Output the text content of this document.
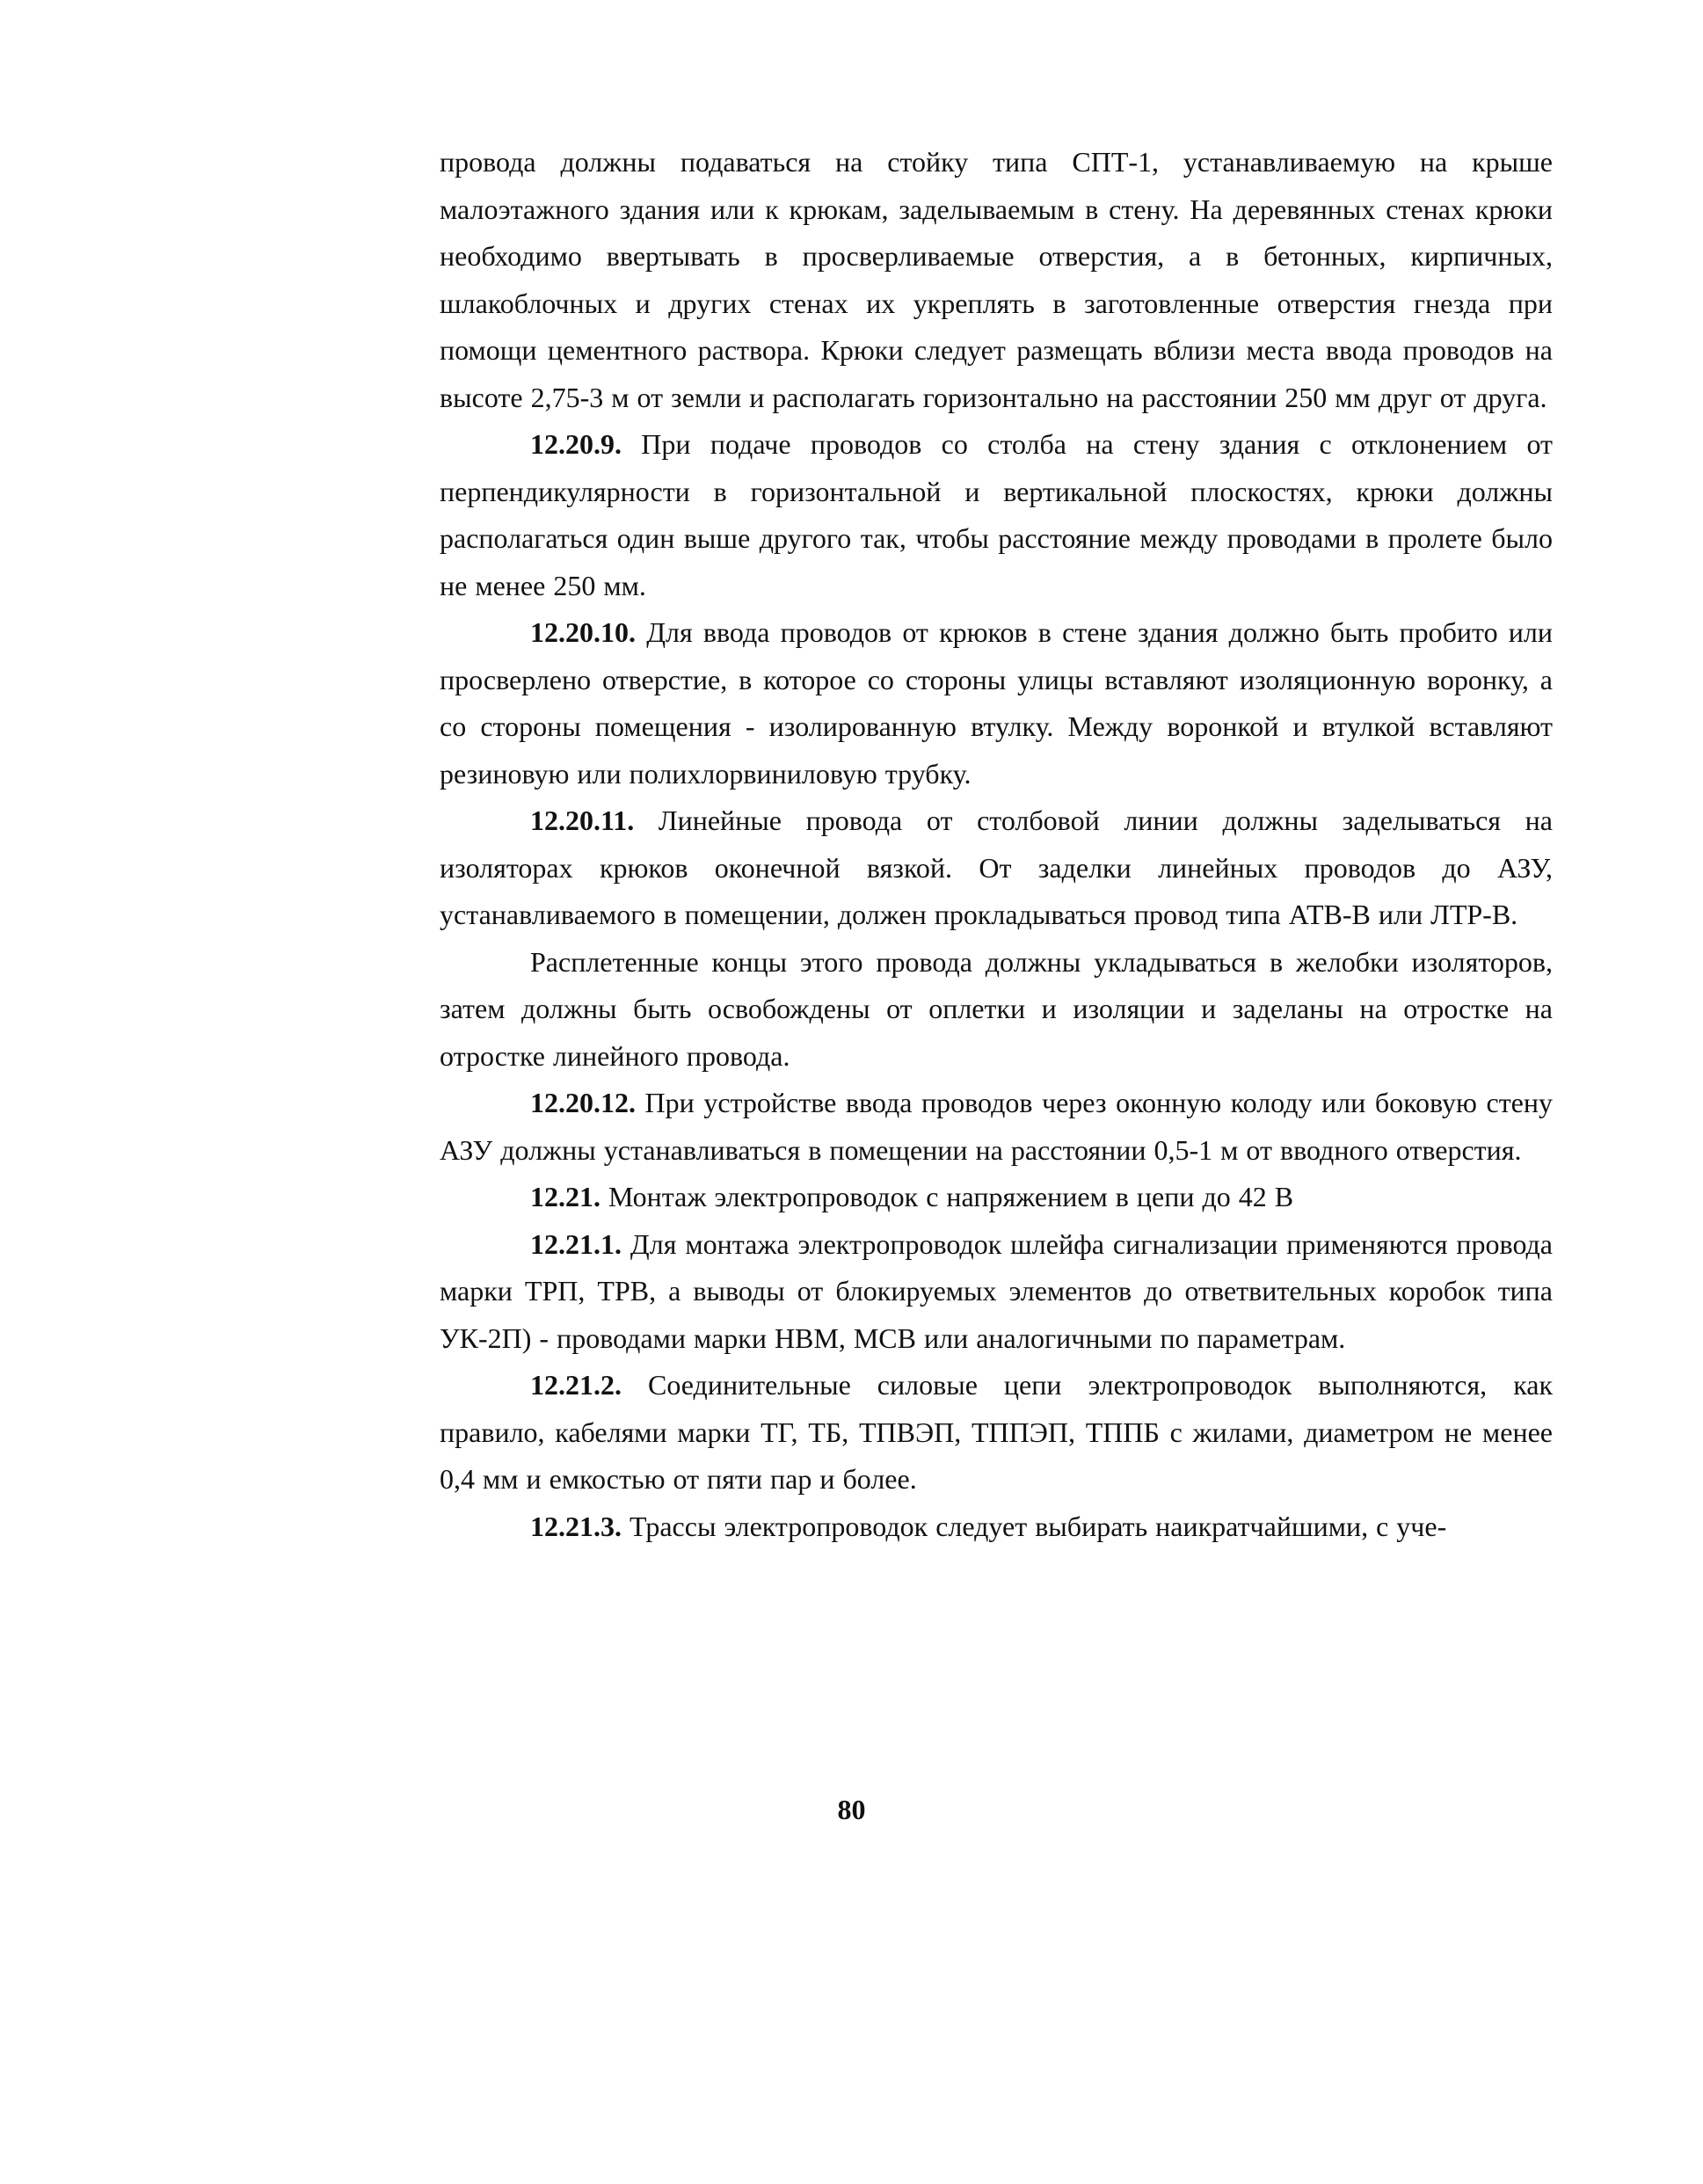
провода должны подаваться на стойку типа СПТ-1, устанавливаемую на крыше малоэтажного здания или к крюкам, заделываемым в стену. На деревянных стенах крюки необходимо ввертывать в просверливаемые отверстия, а в бетонных, кирпичных, шлакоблочных и других стенах их укреплять в заготовленные отверстия гнезда при помощи цементного раствора. Крюки следует размещать вблизи места ввода проводов на высоте 2,75-3 м от земли и располагать горизонтально на расстоянии 250 мм друг от друга.

12.20.9. При подаче проводов со столба на стену здания с отклонением от перпендикулярности в горизонтальной и вертикальной плоскостях, крюки должны располагаться один выше другого так, чтобы расстояние между проводами в пролете было не менее 250 мм.

12.20.10. Для ввода проводов от крюков в стене здания должно быть пробито или просверлено отверстие, в которое со стороны улицы вставляют изоляционную воронку, а со стороны помещения - изолированную втулку. Между воронкой и втулкой вставляют резиновую или полихлорвиниловую трубку.

12.20.11. Линейные провода от столбовой линии должны заделываться на изоляторах крюков оконечной вязкой. От заделки линейных проводов до АЗУ, устанавливаемого в помещении, должен прокладываться провод типа АТВ-В или ЛТР-В.

Расплетенные концы этого провода должны укладываться в желобки изоляторов, затем должны быть освобождены от оплетки и изоляции и заделаны на отростке на отростке линейного провода.

12.20.12. При устройстве ввода проводов через оконную колоду или боковую стену АЗУ должны устанавливаться в помещении на расстоянии 0,5-1 м от вводного отверстия.

12.21. Монтаж электропроводок с напряжением в цепи до 42 В

12.21.1. Для монтажа электропроводок шлейфа сигнализации применяются провода марки ТРП, ТРВ, а выводы от блокируемых элементов до ответвительных коробок типа УК-2П) - проводами марки НВМ, МСВ или аналогичными по параметрам.

12.21.2. Соединительные силовые цепи электропроводок выполняются, как правило, кабелями марки ТГ, ТБ, ТПВЭП, ТППЭП, ТППБ с жилами, диаметром не менее 0,4 мм и емкостью от пяти пар и более.

12.21.3. Трассы электропроводок следует выбирать наикратчайшими, с уче-

80
